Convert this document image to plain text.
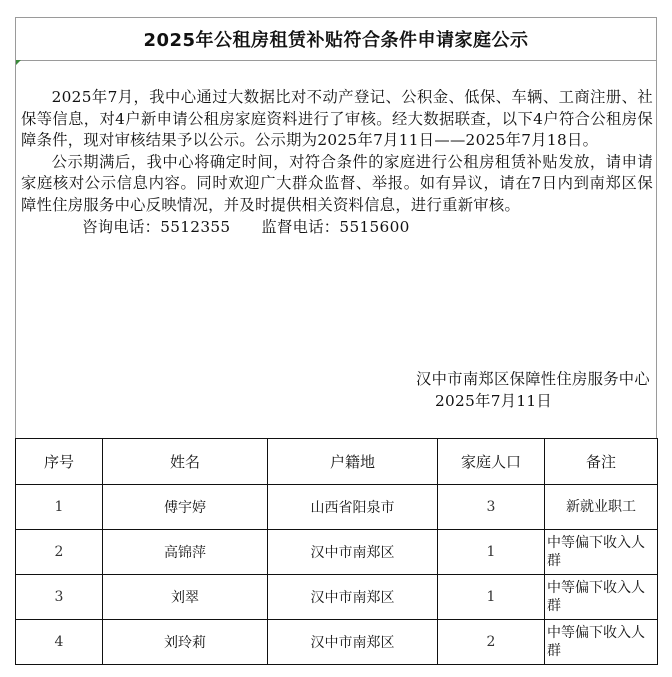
2025年公租房租赁补贴符合条件申请家庭公示

2025年7月，我中心通过大数据比对不动产登记、公积金、低保、车辆、工商注册、社保等信息，对4户新申请公租房家庭资料进行了审核。经大数据联查，以下4户符合公租房保障条件，现对审核结果予以公示。公示期为2025年7月11日——2025年7月18日。

公示期满后，我中心将确定时间，对符合条件的家庭进行公租房租赁补贴发放，请申请家庭核对公示信息内容。同时欢迎广大群众监督、举报。如有异议，请在7日内到南郑区保障性住房服务中心反映情况，并及时提供相关资料信息，进行重新审核。

咨询电话：5512355 监督电话：5515600

汉中市南郑区保障性住房服务中心
2025年7月11日
序号	姓名	户籍地	家庭人口	备注
1	傅宇婷	山西省阳泉市	3	新就业职工
2	高锦萍	汉中市南郑区	1	中等偏下收入人群
3	刘翠	汉中市南郑区	1	中等偏下收入人群
4	刘玲莉	汉中市南郑区	2	中等偏下收入人群
